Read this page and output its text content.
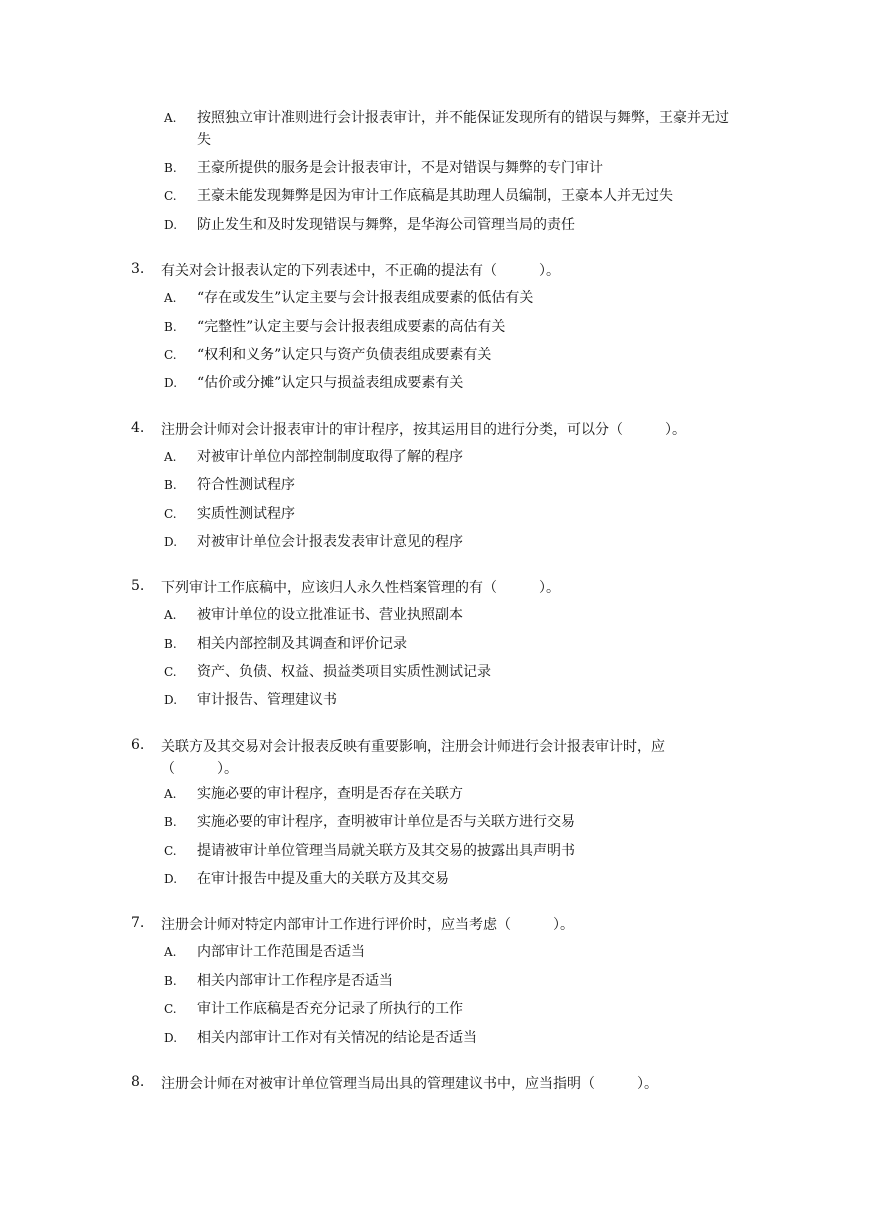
A.	按照独立审计准则进行会计报表审计，并不能保证发现所有的错误与舞弊，王豪并无过失
B.	王豪所提供的服务是会计报表审计，不是对错误与舞弊的专门审计
C.	王豪未能发现舞弊是因为审计工作底稿是其助理人员编制，王豪本人并无过失
D.	防止发生和及时发现错误与舞弊，是华海公司管理当局的责任
3.	有关对会计报表认定的下列表述中，不正确的提法有（　　　）。
A.	“存在或发生”认定主要与会计报表组成要素的低估有关
B.	“完整性”认定主要与会计报表组成要素的高估有关
C.	“权利和义务”认定只与资产负债表组成要素有关
D.	“估价或分摊”认定只与损益表组成要素有关
4.	注册会计师对会计报表审计的审计程序，按其运用目的进行分类，可以分（　　　）。
A.	对被审计单位内部控制制度取得了解的程序
B.	符合性测试程序
C.	实质性测试程序
D.	对被审计单位会计报表发表审计意见的程序
5.	下列审计工作底稿中，应该归人永久性档案管理的有（　　　）。
A.	被审计单位的设立批准证书、营业执照副本
B.	相关内部控制及其调查和评价记录
C.	资产、负债、权益、损益类项目实质性测试记录
D.	审计报告、管理建议书
6.	关联方及其交易对会计报表反映有重要影响，注册会计师进行会计报表审计时，应（　　　）。
A.	实施必要的审计程序，查明是否存在关联方
B.	实施必要的审计程序，查明被审计单位是否与关联方进行交易
C.	提请被审计单位管理当局就关联方及其交易的披露出具声明书
D.	在审计报告中提及重大的关联方及其交易
7.	注册会计师对特定内部审计工作进行评价时，应当考虑（　　　）。
A.	内部审计工作范围是否适当
B.	相关内部审计工作程序是否适当
C.	审计工作底稿是否充分记录了所执行的工作
D.	相关内部审计工作对有关情况的结论是否适当
8.	注册会计师在对被审计单位管理当局出具的管理建议书中，应当指明（　　　）。
